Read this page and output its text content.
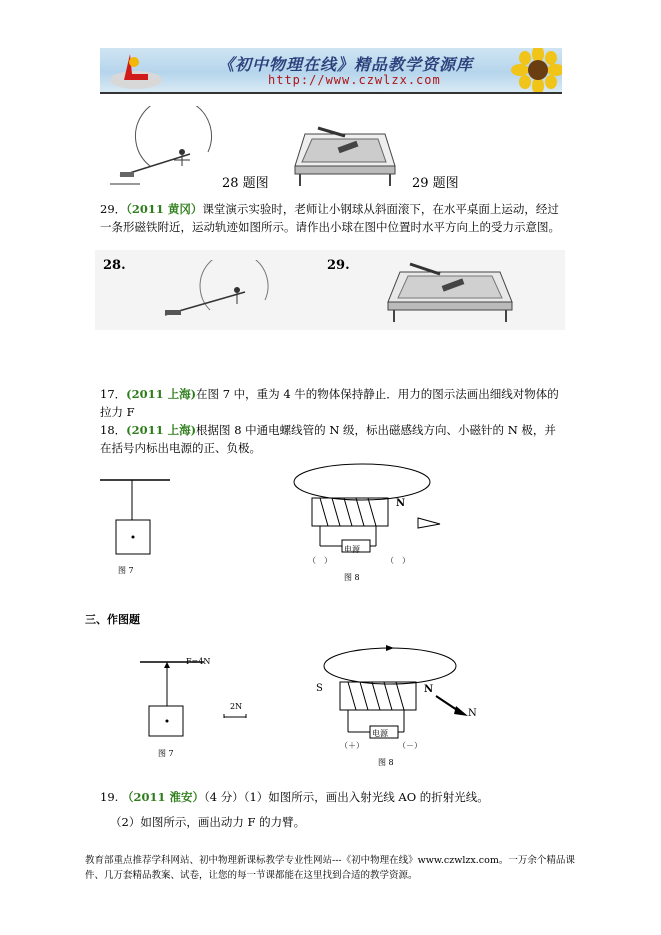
《初中物理在线》精品教学资源库
http://www.czwlzx.com
28 题图	29 题图
29．（2011 黄冈）课堂演示实验时，老师让小钢球从斜面滚下，在水平桌面上运动，经过一条形磁铁附近，运动轨迹如图所示。请作出小球在图中位置时水平方向上的受力示意图。
28.	29.
17．(2011 上海)在图 7 中，重为 4 牛的物体保持静止．用力的图示法画出细线对物体的拉力 F
18．(2011 上海)根据图 8 中通电螺线管的 N 级，标出磁感线方向、小磁针的 N 极，并在括号内标出电源的正、负极。
图 7
N
电源
（　）	（　）
图 8
三、作图题
F=4N
2N
图 7
S	N
N
电源
（＋）	（－）
图 8
19. （2011 淮安）（4 分）（1）如图所示，画出入射光线 AO 的折射光线。
（2）如图所示，画出动力 F 的力臂。
教育部重点推荐学科网站、初中物理新课标教学专业性网站---《初中物理在线》www.czwlzx.com。一万余个精品课件、几万套精品教案、试卷，让您的每一节课都能在这里找到合适的教学资源。
